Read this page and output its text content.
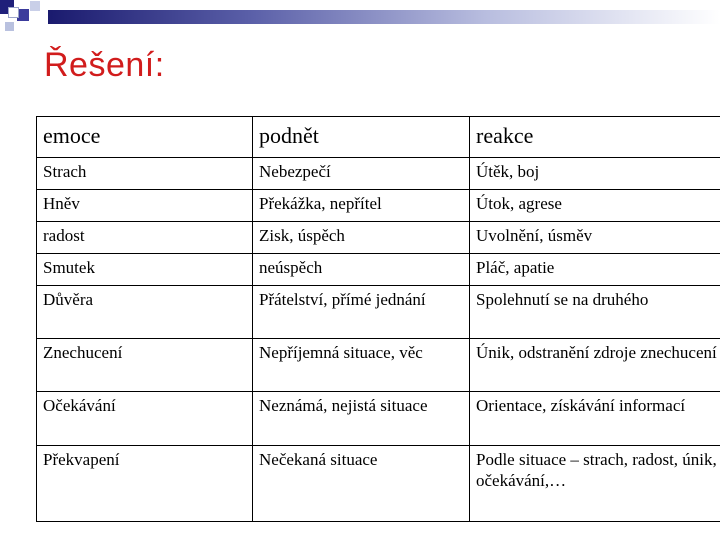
Řešení:
emoce	podnět	reakce
Strach	Nebezpečí	Útěk, boj
Hněv	Překážka, nepřítel	Útok, agrese
radost	Zisk, úspěch	Uvolnění, úsměv
Smutek	neúspěch	Pláč, apatie
Důvěra	Přátelství, přímé jednání	Spolehnutí se na druhého
Znechucení	Nepříjemná situace, věc	Únik, odstranění zdroje znechucení
Očekávání	Neznámá, nejistá situace	Orientace, získávání informací
Překvapení	Nečekaná situace	Podle situace – strach, radost, únik, očekávání,…
